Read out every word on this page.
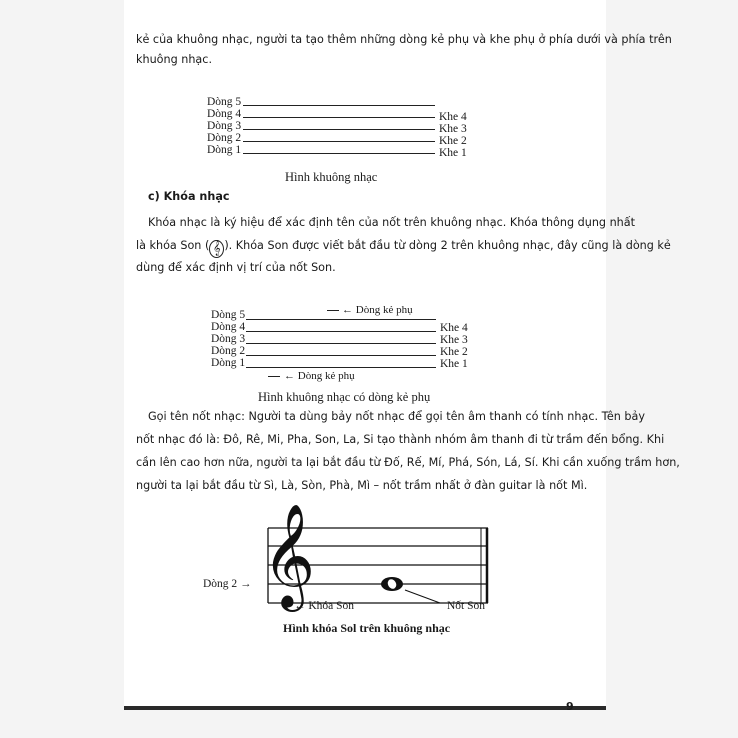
kẻ của khuông nhạc, người ta tạo thêm những dòng kẻ phụ và khe phụ ở phía dưới và phía trên
khuông nhạc.
Dòng 5
Dòng 4
Dòng 3
Dòng 2
Dòng 1
Khe 4
Khe 3
Khe 2
Khe 1
Hình khuông nhạc
c) Khóa nhạc
Khóa nhạc là ký hiệu để xác định tên của nốt trên khuông nhạc. Khóa thông dụng nhất
là khóa Son ( 𝄞 ). Khóa Son được viết bắt đầu từ dòng 2 trên khuông nhạc, đây cũng là dòng kẻ
dùng để xác định vị trí của nốt Son.
← Dòng kẻ phụ
Dòng 5
Dòng 4
Dòng 3
Dòng 2
Dòng 1
Khe 4
Khe 3
Khe 2
Khe 1
← Dòng kẻ phụ
Hình khuông nhạc có dòng kẻ phụ
Gọi tên nốt nhạc: Người ta dùng bảy nốt nhạc để gọi tên âm thanh có tính nhạc. Tên bảy
nốt nhạc đó là: Đô, Rê, Mi, Pha, Son, La, Si tạo thành nhóm âm thanh đi từ trầm đến bổng. Khi
cần lên cao hơn nữa, người ta lại bắt đầu từ Đố, Rế, Mí, Phá, Són, Lá, Sí. Khi cần xuống trầm hơn,
người ta lại bắt đầu từ Sì, Là, Sòn, Phà, Mì – nốt trầm nhất ở đàn guitar là nốt Mì.
𝄞
Dòng 2 →
← Khóa Son	Nốt Son
Hình khóa Sol trên khuông nhạc
9
